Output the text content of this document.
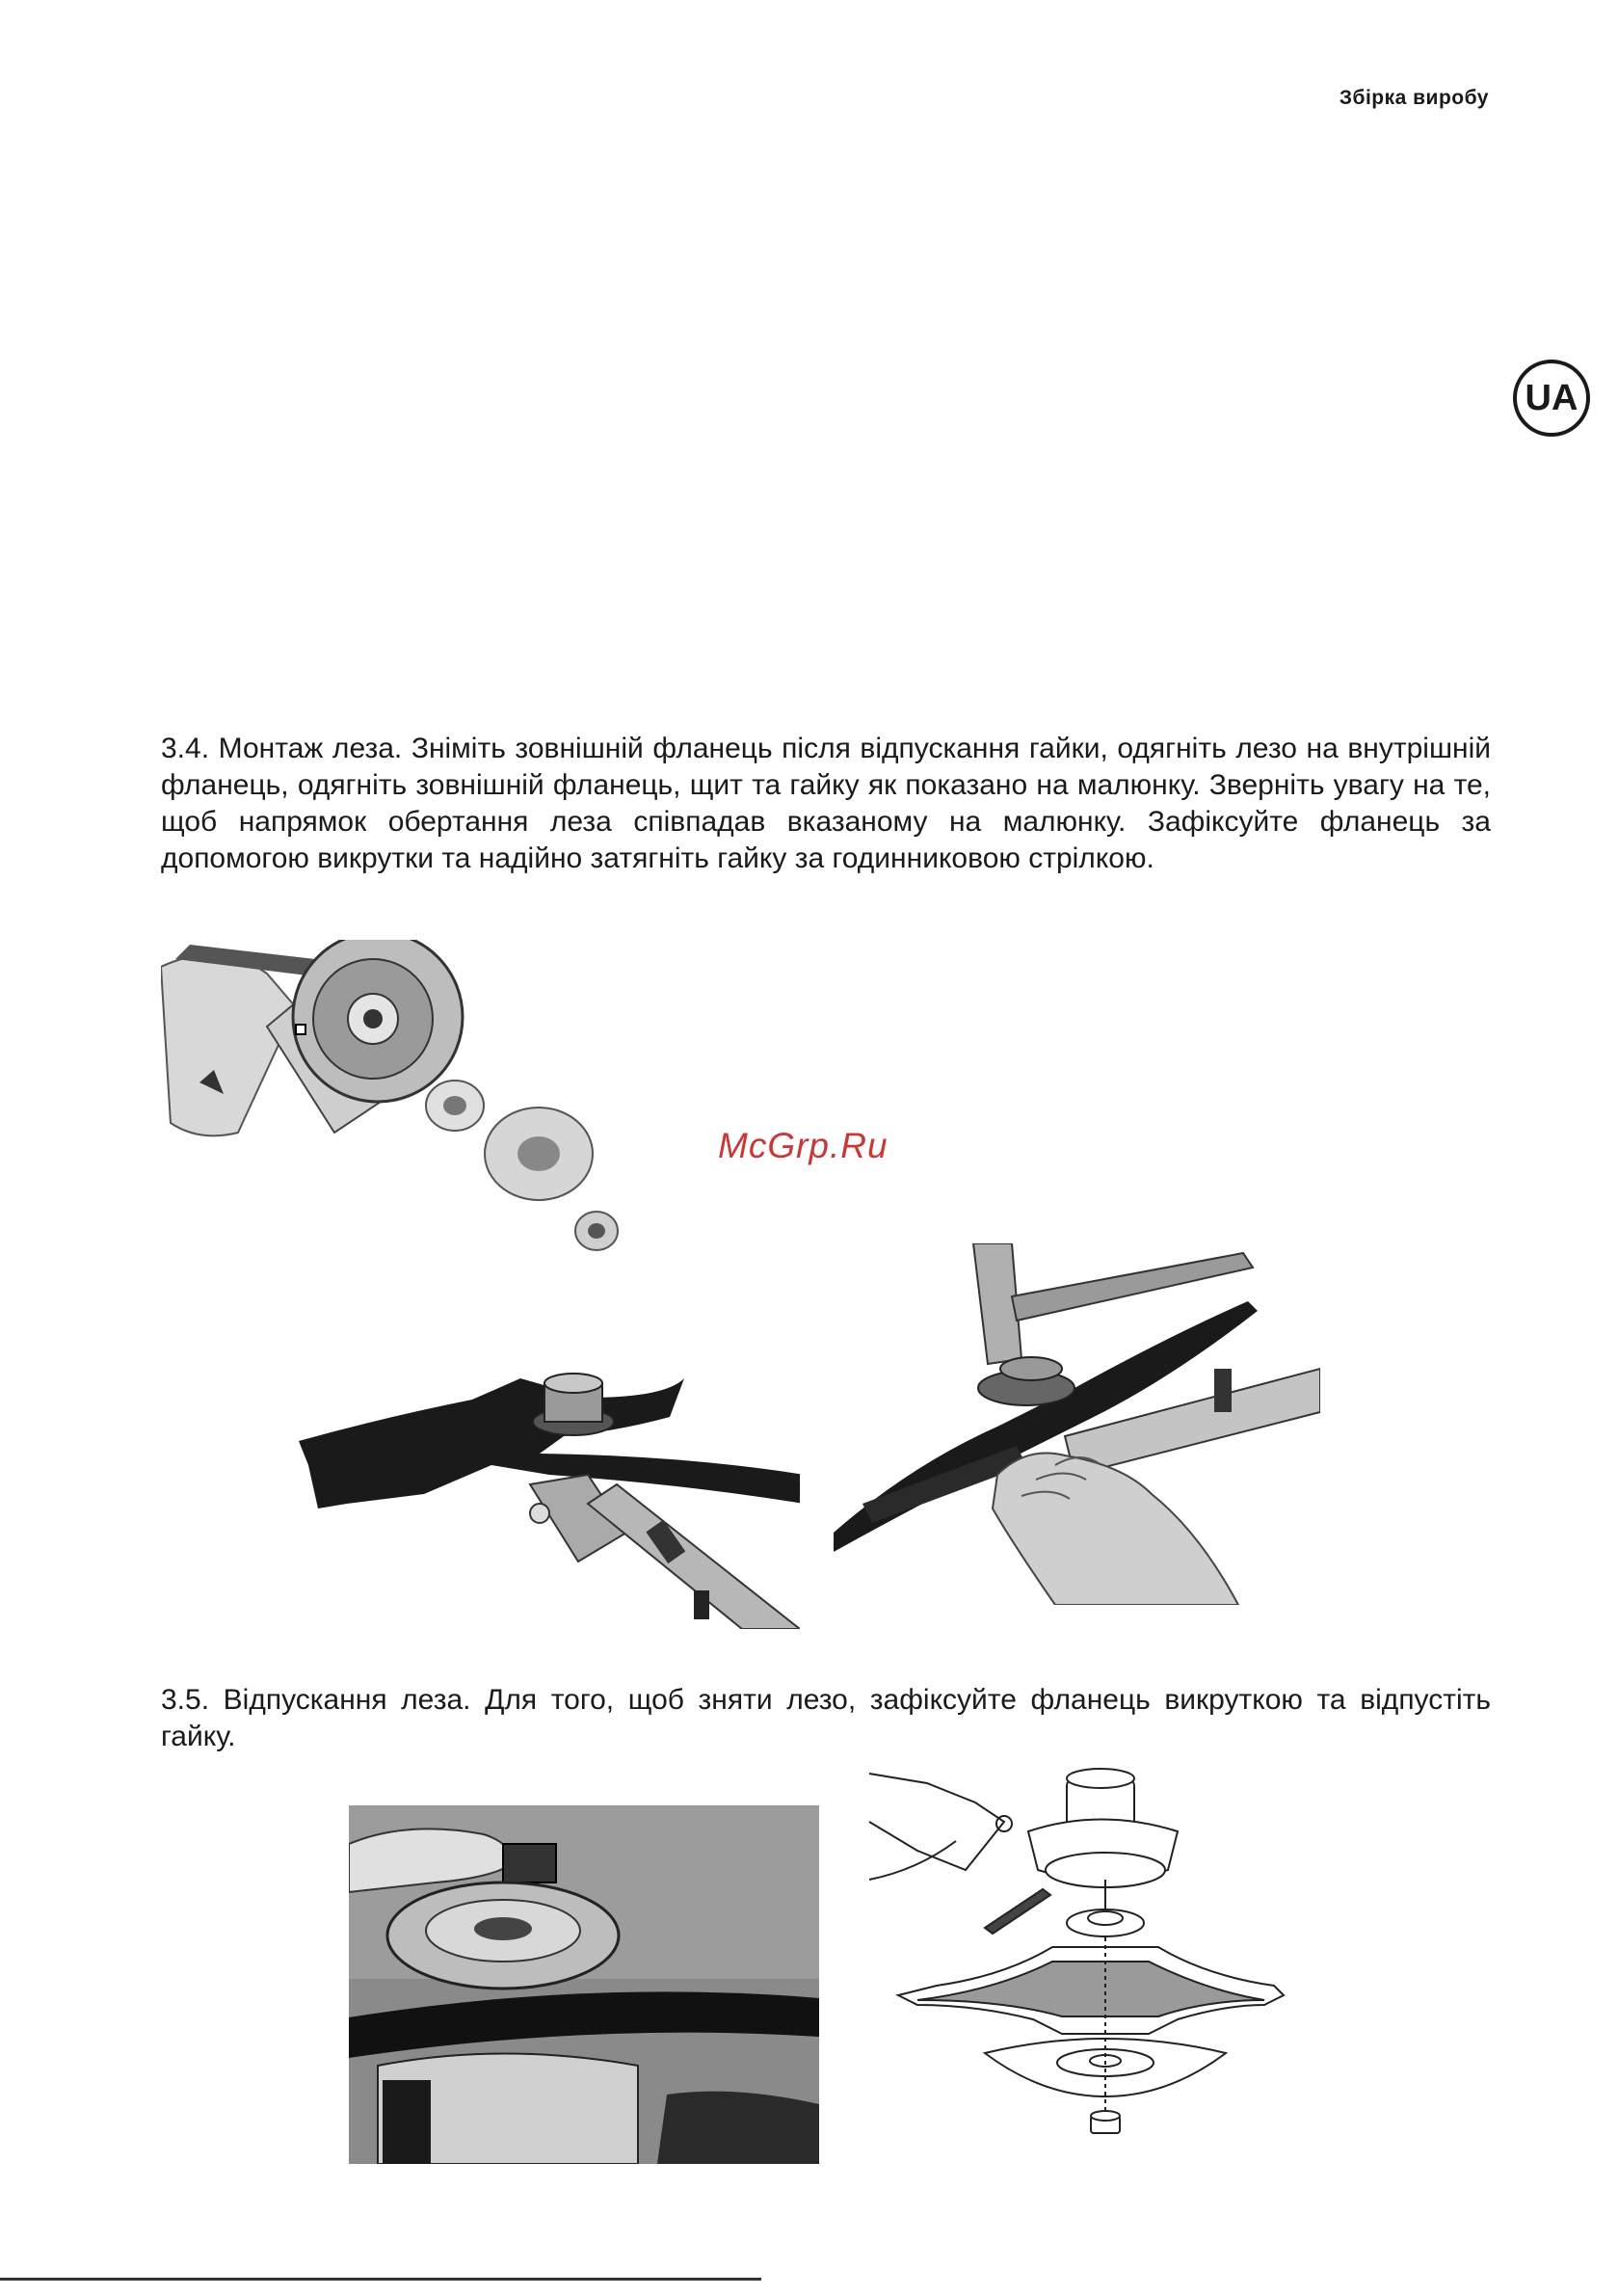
Збірка виробу
UA
3.4. Монтаж леза. Зніміть зовнішній фланець після відпускання гайки, одягніть лезо на внутрішній фланець, одягніть зовнішній фланець, щит та гайку як показано на малюнку. Зверніть увагу на те, щоб напрямок обертання леза співпадав вказаному на малюнку. Зафіксуйте фланець за допомогою викрутки та надійно затягніть гайку за годинниковою стрілкою.
McGrp.Ru
3.5. Відпускання леза. Для того, щоб зняти лезо, зафіксуйте фланець викруткою та відпустіть гайку.
